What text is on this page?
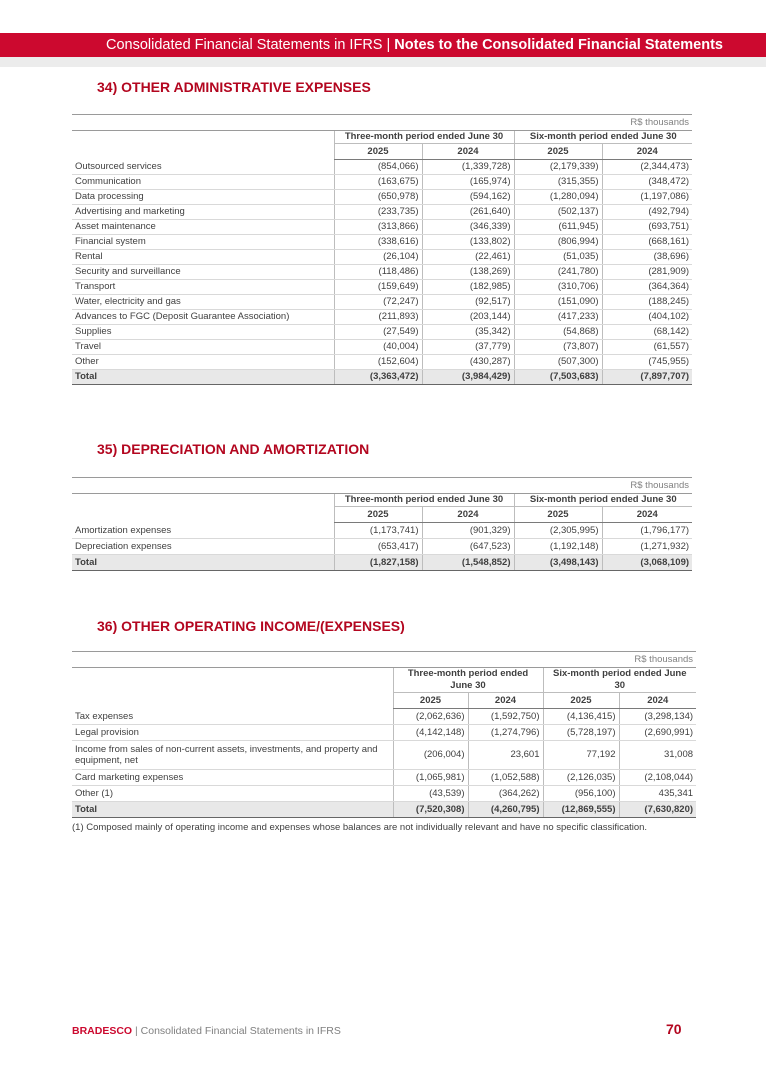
Consolidated Financial Statements in IFRS | Notes to the Consolidated Financial Statements
34) OTHER ADMINISTRATIVE EXPENSES
R$ thousands				
	Three-month period ended June 30		Six-month period ended June 30	
	2025	2024	2025	2024
Outsourced services	(854,066)	(1,339,728)	(2,179,339)	(2,344,473)
Communication	(163,675)	(165,974)	(315,355)	(348,472)
Data processing	(650,978)	(594,162)	(1,280,094)	(1,197,086)
Advertising and marketing	(233,735)	(261,640)	(502,137)	(492,794)
Asset maintenance	(313,866)	(346,339)	(611,945)	(693,751)
Financial system	(338,616)	(133,802)	(806,994)	(668,161)
Rental	(26,104)	(22,461)	(51,035)	(38,696)
Security and surveillance	(118,486)	(138,269)	(241,780)	(281,909)
Transport	(159,649)	(182,985)	(310,706)	(364,364)
Water, electricity and gas	(72,247)	(92,517)	(151,090)	(188,245)
Advances to FGC (Deposit Guarantee Association)	(211,893)	(203,144)	(417,233)	(404,102)
Supplies	(27,549)	(35,342)	(54,868)	(68,142)
Travel	(40,004)	(37,779)	(73,807)	(61,557)
Other	(152,604)	(430,287)	(507,300)	(745,955)
Total	(3,363,472)	(3,984,429)	(7,503,683)	(7,897,707)
35) DEPRECIATION AND AMORTIZATION
R$ thousands				
	Three-month period ended June 30		Six-month period ended June 30	
	2025	2024	2025	2024
Amortization expenses	(1,173,741)	(901,329)	(2,305,995)	(1,796,177)
Depreciation expenses	(653,417)	(647,523)	(1,192,148)	(1,271,932)
Total	(1,827,158)	(1,548,852)	(3,498,143)	(3,068,109)
36) OTHER OPERATING INCOME/(EXPENSES)
R$ thousands				
	Three-month period ended June 30		Six-month period ended June 30	
	2025	2024	2025	2024
Tax expenses	(2,062,636)	(1,592,750)	(4,136,415)	(3,298,134)
Legal provision	(4,142,148)	(1,274,796)	(5,728,197)	(2,690,991)
Income from sales of non-current assets, investments, and property and equipment, net	(206,004)	23,601	77,192	31,008
Card marketing expenses	(1,065,981)	(1,052,588)	(2,126,035)	(2,108,044)
Other (1)	(43,539)	(364,262)	(956,100)	435,341
Total	(7,520,308)	(4,260,795)	(12,869,555)	(7,630,820)
(1) Composed mainly of operating income and expenses whose balances are not individually relevant and have no specific classification.
BRADESCO | Consolidated Financial Statements in IFRS	70
